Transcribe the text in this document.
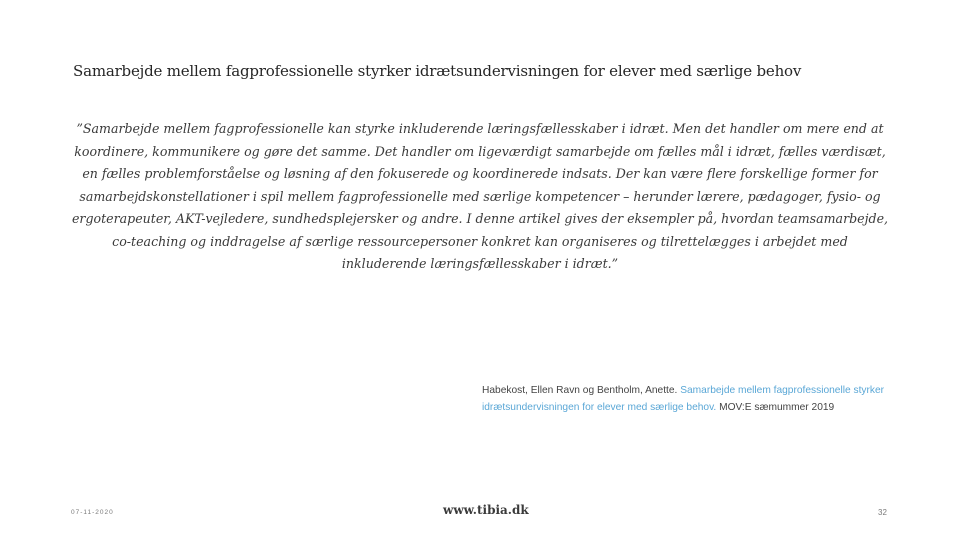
Samarbejde mellem fagprofessionelle styrker idrætsundervisningen for elever med særlige behov
”Samarbejde mellem fagprofessionelle kan styrke inkluderende læringsfællesskaber i idræt. Men det handler om mere end at koordinere, kommunikere og gøre det samme. Det handler om ligeværdigt samarbejde om fælles mål i idræt, fælles værdisæt, en fælles problemforståelse og løsning af den fokuserede og koordinerede indsats. Der kan være flere forskellige former for samarbejdskonstellationer i spil mellem fagprofessionelle med særlige kompetencer – herunder lærere, pædagoger, fysio- og ergoterapeuter, AKT-vejledere, sundhedsplejersker og andre. I denne artikel gives der eksempler på, hvordan teamsamarbejde, co-teaching og inddragelse af særlige ressourcepersoner konkret kan organiseres og tilrettelægges i arbejdet med inkluderende læringsfællesskaber i idræt.”
Habekost, Ellen Ravn og Bentholm, Anette. Samarbejde mellem fagprofessionelle styrker idrætsundervisningen for elever med særlige behov. MOV:E sæmummer 2019
07-11-2020	www.tibia.dk	32
